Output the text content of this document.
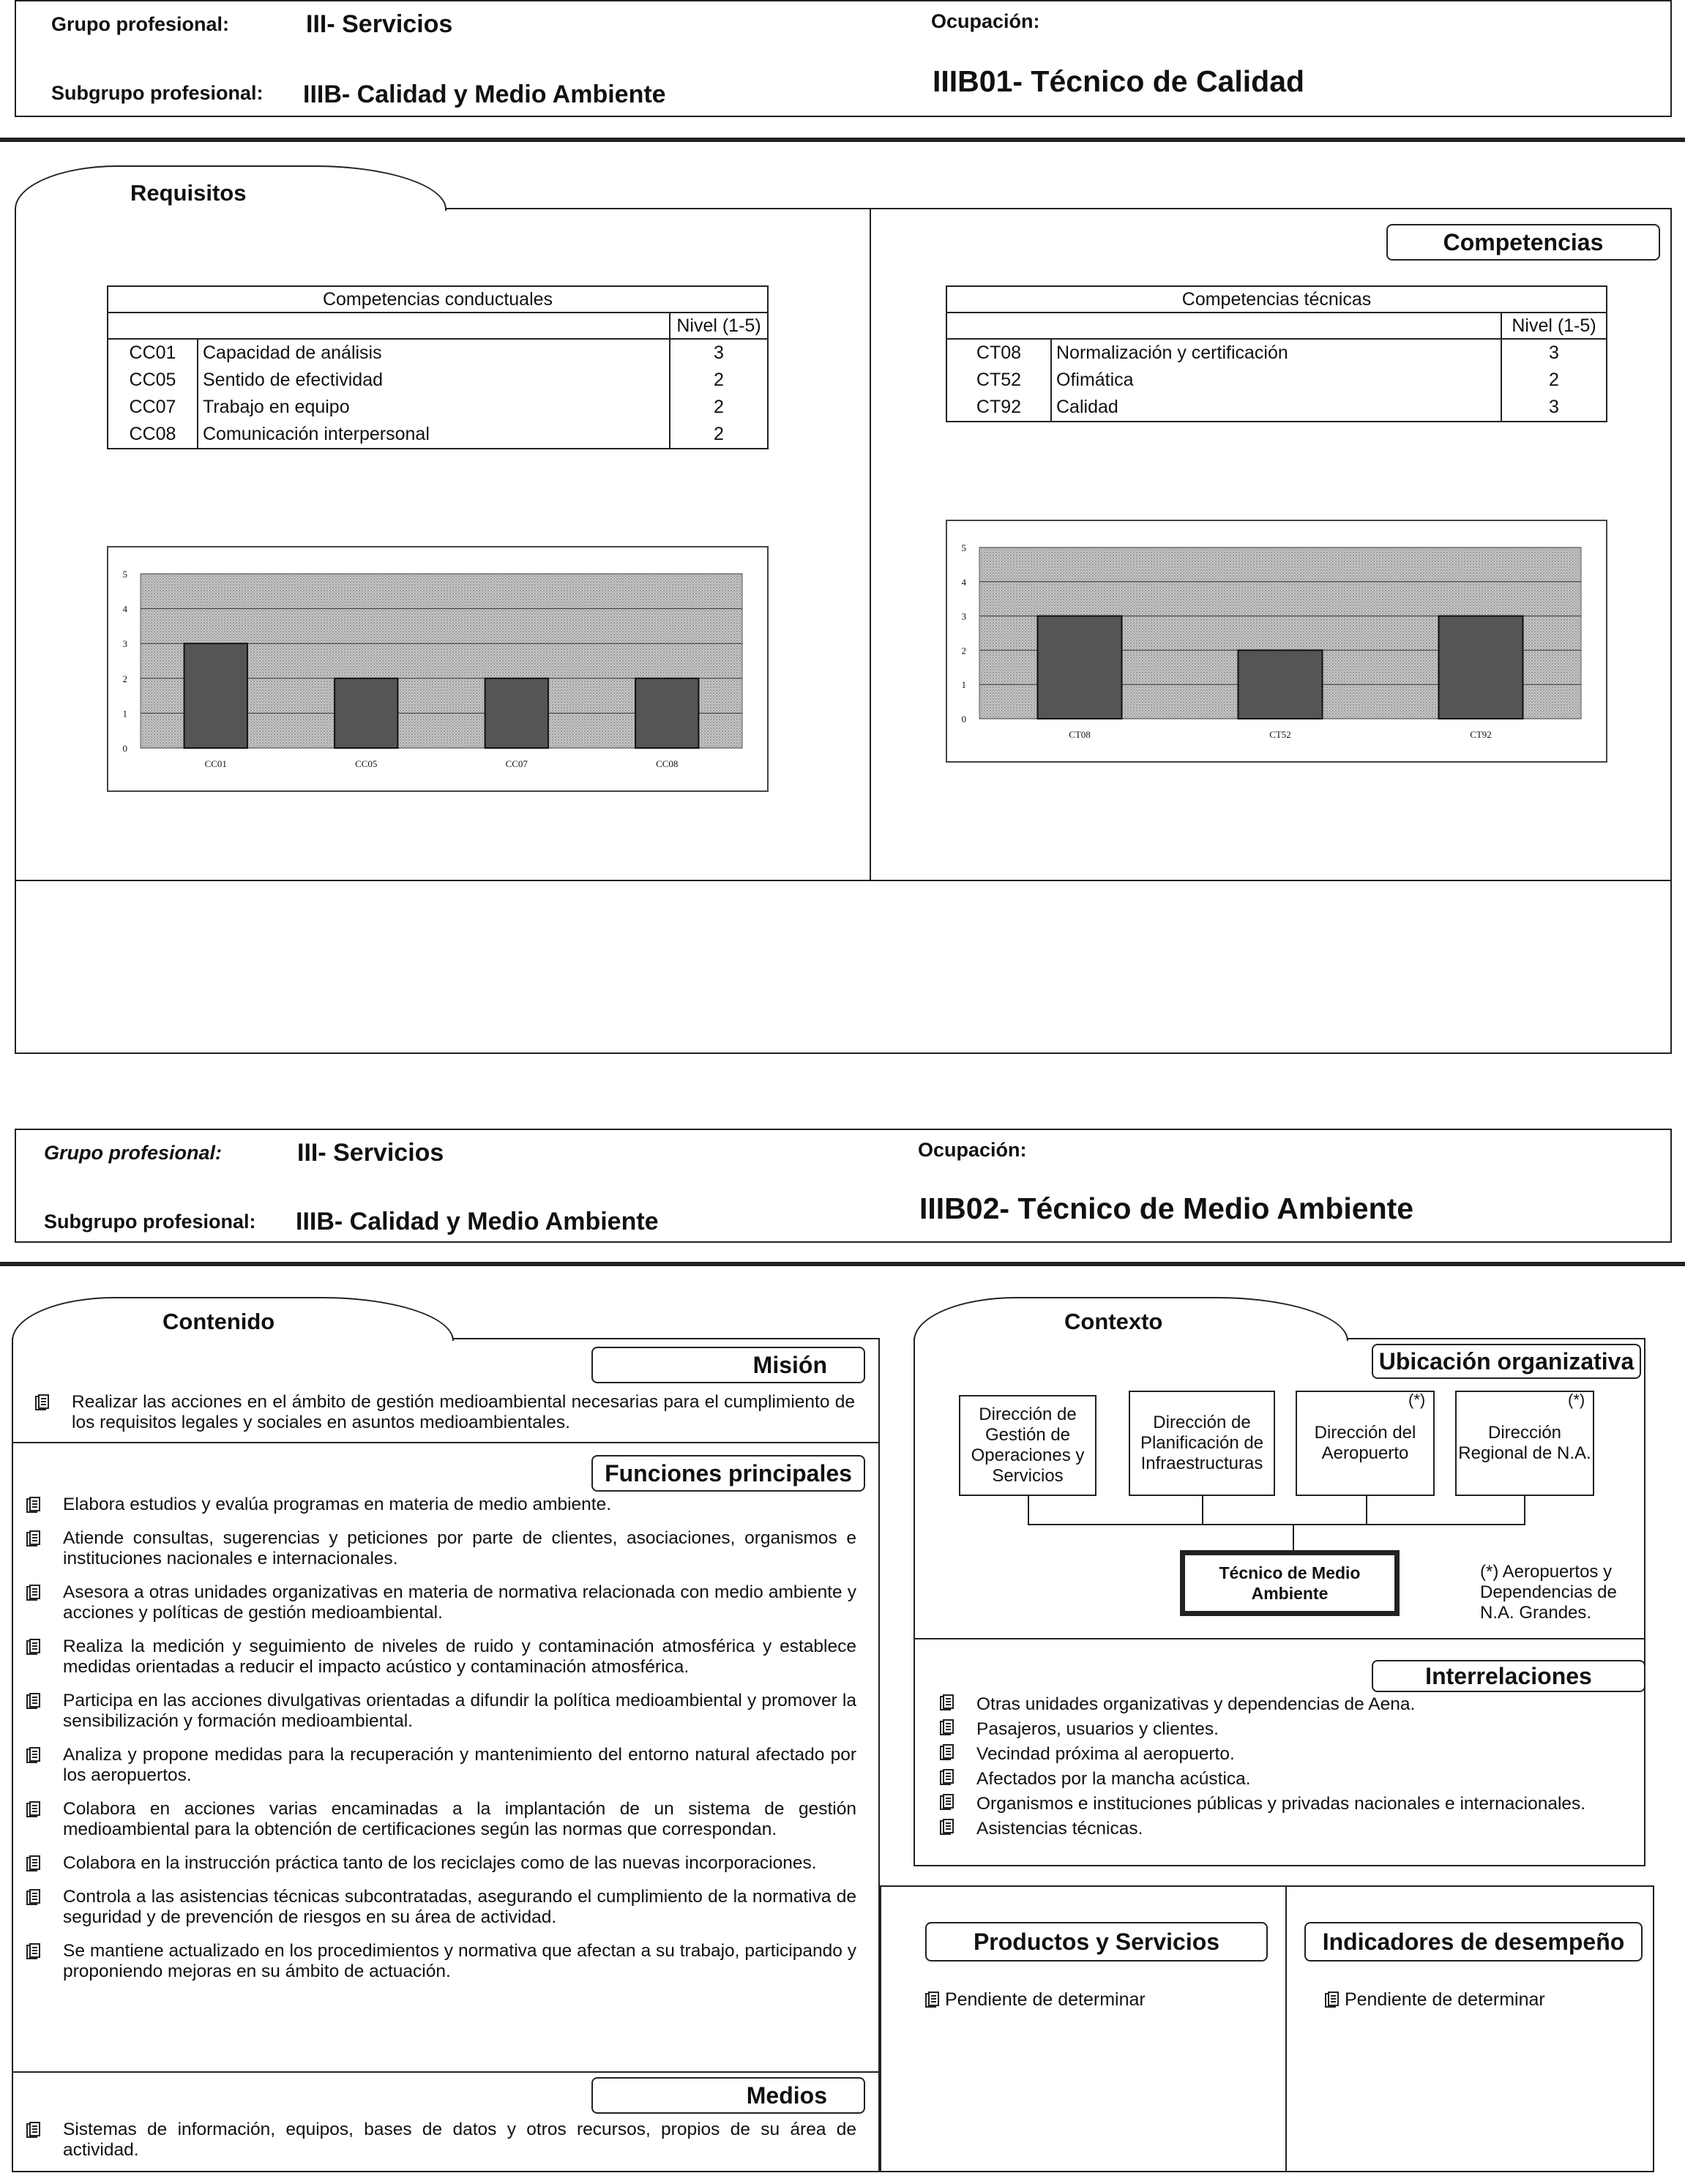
Grupo profesional:	III- Servicios
Subgrupo profesional: IIIB- Calidad y Medio Ambiente
Ocupación:
IIIB01- Técnico de Calidad
Requisitos
Competencias
Competencias conductuales		
		Nivel (1-5)
CC01	Capacidad de análisis	3
CC05	Sentido de efectividad	2
CC07	Trabajo en equipo	2
CC08	Comunicación interpersonal	2
Competencias técnicas		
		Nivel (1-5)
CT08	Normalización y certificación	3
CT52	Ofimática	2
CT92	Calidad	3
0
1
2
3
4
5
CC01	CC05	CC07	CC08
0
1
2
3
4
5
CT08	CT52	CT92
Grupo profesional:	III- Servicios
Subgrupo profesional: IIIB- Calidad y Medio Ambiente
Ocupación:
IIIB02- Técnico de Medio Ambiente
Contenido
Misión
Realizar las acciones en el ámbito de gestión medioambiental necesarias para el cumplimiento de los requisitos legales y sociales en asuntos medioambientales.
Funciones principales
Elabora estudios y evalúa programas en materia de medio ambiente.
Atiende consultas, sugerencias y peticiones por parte de clientes, asociaciones, organismos e instituciones nacionales e internacionales.
Asesora a otras unidades organizativas en materia de normativa relacionada con medio ambiente y acciones y políticas de gestión medioambiental.
Realiza la medición y seguimiento de niveles de ruido y contaminación atmosférica y establece medidas orientadas a reducir el impacto acústico y contaminación atmosférica.
Participa en las acciones divulgativas orientadas a difundir la política medioambiental y promover la sensibilización y formación medioambiental.
Analiza y propone medidas para la recuperación y mantenimiento del entorno natural afectado por los aeropuertos.
Colabora en acciones varias encaminadas a la implantación de un sistema de gestión medioambiental para la obtención de certificaciones según las normas que correspondan.
Colabora en la instrucción práctica tanto de los reciclajes como de las nuevas incorporaciones.
Controla a las asistencias técnicas subcontratadas, asegurando el cumplimiento de la normativa de seguridad y de prevención de riesgos en su área de actividad.
Se mantiene actualizado en los procedimientos y normativa que afectan a su trabajo, participando y proponiendo mejoras en su ámbito de actuación.
Medios
Sistemas de información, equipos, bases de datos y otros recursos, propios de su área de actividad.
Contexto
Ubicación organizativa
Dirección de Gestión de Operaciones y Servicios
Dirección de Planificación de Infraestructuras
Dirección del Aeropuerto
Dirección Regional de N.A.
(*)	(*)
Técnico de Medio Ambiente
(*) Aeropuertos y Dependencias de N.A. Grandes.
Interrelaciones
Otras unidades organizativas y dependencias de Aena.
Pasajeros, usuarios y clientes.
Vecindad próxima al aeropuerto.
Afectados por la mancha acústica.
Organismos e instituciones públicas y privadas nacionales e internacionales.
Asistencias técnicas.
Productos y Servicios	Indicadores de desempeño
Pendiente de determinar	Pendiente de determinar
